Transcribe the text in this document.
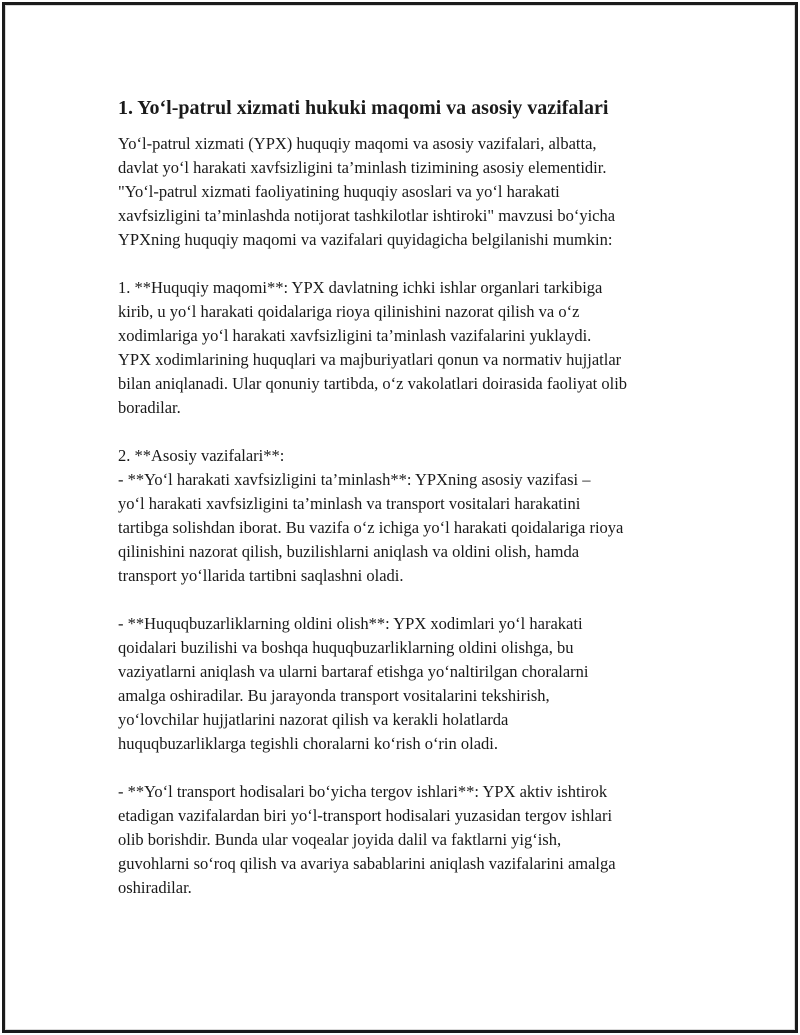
1. Yo‘l-patrul xizmati hukuki maqomi va asosiy vazifalari
Yo‘l-patrul xizmati (YPX) huquqiy maqomi va asosiy vazifalari, albatta,
davlat yo‘l harakati xavfsizligini ta’minlash tizimining asosiy elementidir.
"Yo‘l-patrul xizmati faoliyatining huquqiy asoslari va yo‘l harakati
xavfsizligini ta’minlashda notijorat tashkilotlar ishtiroki" mavzusi bo‘yicha
YPXning huquqiy maqomi va vazifalari quyidagicha belgilanishi mumkin:
1. **Huquqiy maqomi**: YPX davlatning ichki ishlar organlari tarkibiga
kirib, u yo‘l harakati qoidalariga rioya qilinishini nazorat qilish va o‘z
xodimlariga yo‘l harakati xavfsizligini ta’minlash vazifalarini yuklaydi.
YPX xodimlarining huquqlari va majburiyatlari qonun va normativ hujjatlar
bilan aniqlanadi. Ular qonuniy tartibda, o‘z vakolatlari doirasida faoliyat olib
boradilar.
2. **Asosiy vazifalari**:
- **Yo‘l harakati xavfsizligini ta’minlash**: YPXning asosiy vazifasi –
yo‘l harakati xavfsizligini ta’minlash va transport vositalari harakatini
tartibga solishdan iborat. Bu vazifa o‘z ichiga yo‘l harakati qoidalariga rioya
qilinishini nazorat qilish, buzilishlarni aniqlash va oldini olish, hamda
transport yo‘llarida tartibni saqlashni oladi.
- **Huquqbuzarliklarning oldini olish**: YPX xodimlari yo‘l harakati
qoidalari buzilishi va boshqa huquqbuzarliklarning oldini olishga, bu
vaziyatlarni aniqlash va ularni bartaraf etishga yo‘naltirilgan choralarni
amalga oshiradilar. Bu jarayonda transport vositalarini tekshirish,
yo‘lovchilar hujjatlarini nazorat qilish va kerakli holatlarda
huquqbuzarliklarga tegishli choralarni ko‘rish o‘rin oladi.
- **Yo‘l transport hodisalari bo‘yicha tergov ishlari**: YPX aktiv ishtirok
etadigan vazifalardan biri yo‘l-transport hodisalari yuzasidan tergov ishlari
olib borishdir. Bunda ular voqealar joyida dalil va faktlarni yig‘ish,
guvohlarni so‘roq qilish va avariya sabablarini aniqlash vazifalarini amalga
oshiradilar.
